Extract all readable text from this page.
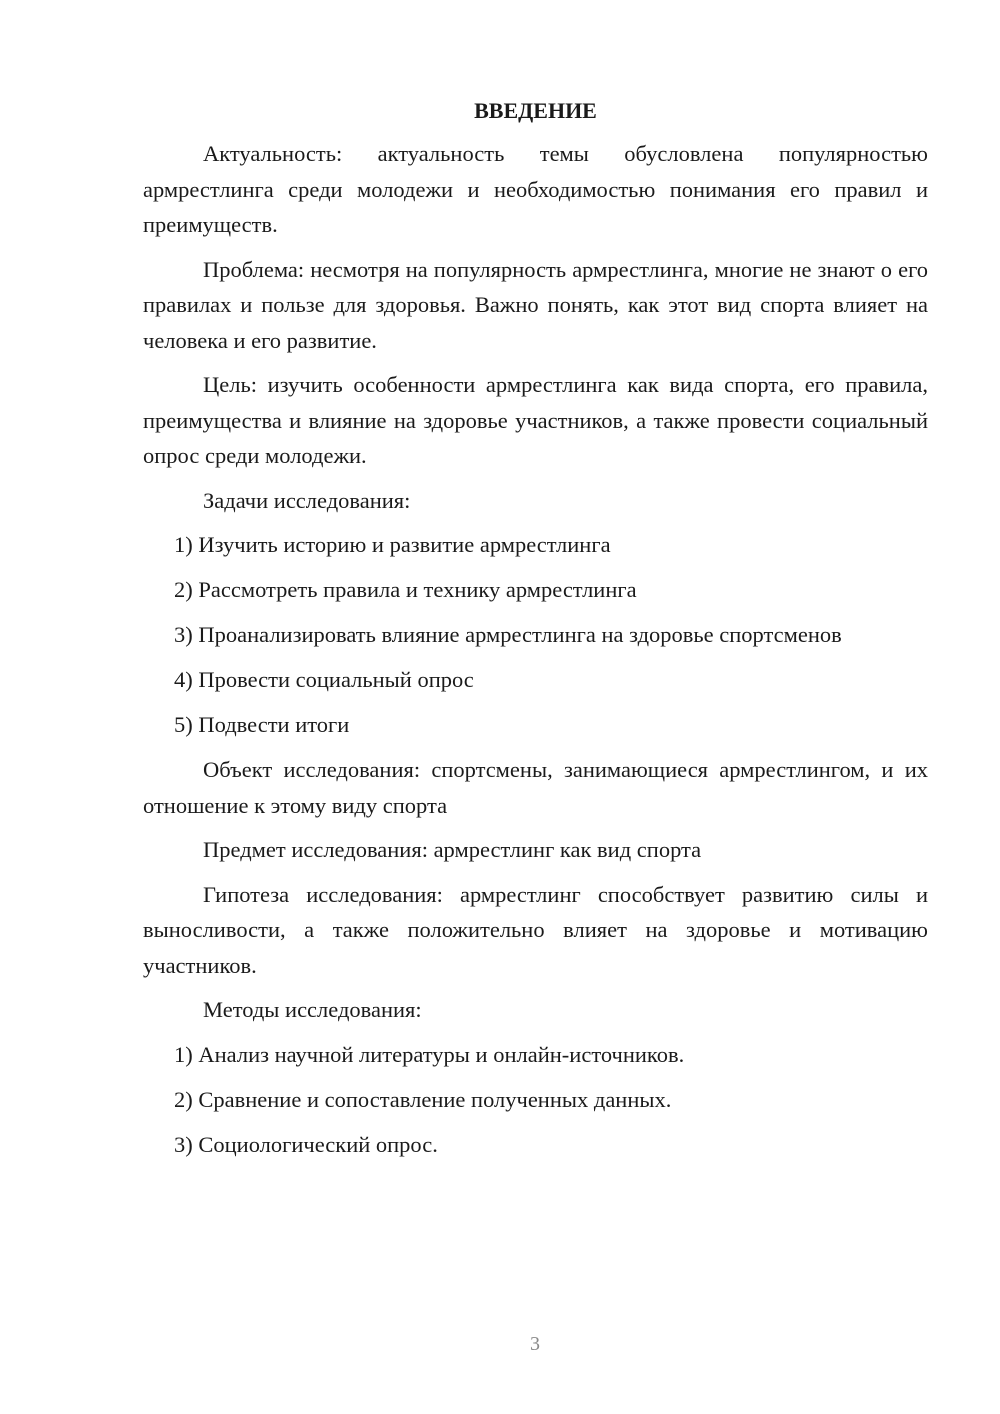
ВВЕДЕНИЕ

Актуальность: актуальность темы обусловлена популярностью армрестлинга среди молодежи и необходимостью понимания его правил и преимуществ.

Проблема: несмотря на популярность армрестлинга, многие не знают о его правилах и пользе для здоровья. Важно понять, как этот вид спорта влияет на человека и его развитие.

Цель: изучить особенности армрестлинга как вида спорта, его правила, преимущества и влияние на здоровье участников, а также провести социальный опрос среди молодежи.

Задачи исследования:

1) Изучить историю и развитие армрестлинга

2) Рассмотреть правила и технику армрестлинга

3) Проанализировать влияние армрестлинга на здоровье спортсменов

4) Провести социальный опрос

5) Подвести итоги

Объект исследования: спортсмены, занимающиеся армрестлингом, и их отношение к этому виду спорта

Предмет исследования: армрестлинг как вид спорта

Гипотеза исследования: армрестлинг способствует развитию силы и выносливости, а также положительно влияет на здоровье и мотивацию участников.

Методы исследования:

1) Анализ научной литературы и онлайн-источников.

2) Сравнение и сопоставление полученных данных.

3) Социологический опрос.

3
